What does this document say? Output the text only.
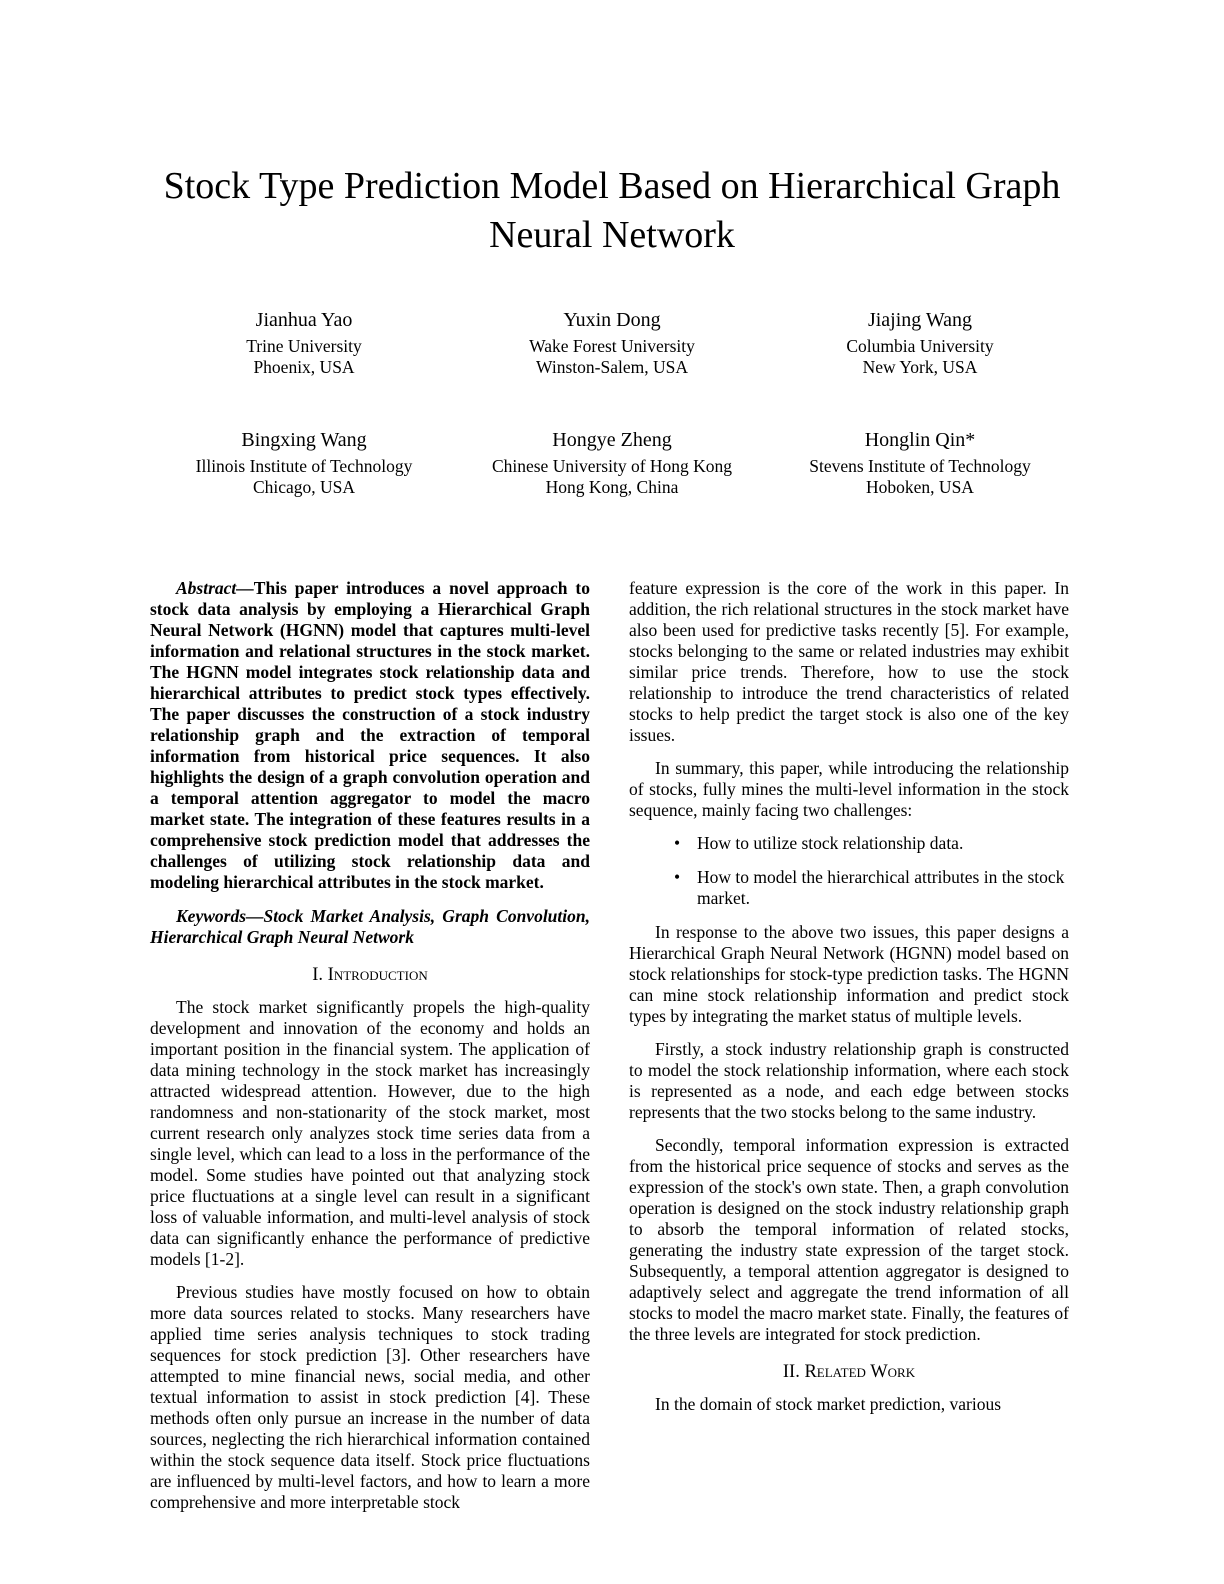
Stock Type Prediction Model Based on Hierarchical Graph Neural Network
Jianhua Yao
Trine University
Phoenix, USA
Yuxin Dong
Wake Forest University
Winston-Salem, USA
Jiajing Wang
Columbia University
New York, USA
Bingxing Wang
Illinois Institute of Technology
Chicago, USA
Hongye Zheng
Chinese University of Hong Kong
Hong Kong, China
Honglin Qin*
Stevens Institute of Technology
Hoboken, USA

Abstract—This paper introduces a novel approach to stock data analysis by employing a Hierarchical Graph Neural Network (HGNN) model that captures multi-level information and relational structures in the stock market. The HGNN model integrates stock relationship data and hierarchical attributes to predict stock types effectively. The paper discusses the construction of a stock industry relationship graph and the extraction of temporal information from historical price sequences. It also highlights the design of a graph convolution operation and a temporal attention aggregator to model the macro market state. The integration of these features results in a comprehensive stock prediction model that addresses the challenges of utilizing stock relationship data and modeling hierarchical attributes in the stock market.

Keywords—Stock Market Analysis, Graph Convolution, Hierarchical Graph Neural Network

I. Introduction

The stock market significantly propels the high-quality development and innovation of the economy and holds an important position in the financial system. The application of data mining technology in the stock market has increasingly attracted widespread attention. However, due to the high randomness and non-stationarity of the stock market, most current research only analyzes stock time series data from a single level, which can lead to a loss in the performance of the model. Some studies have pointed out that analyzing stock price fluctuations at a single level can result in a significant loss of valuable information, and multi-level analysis of stock data can significantly enhance the performance of predictive models [1-2].

Previous studies have mostly focused on how to obtain more data sources related to stocks. Many researchers have applied time series analysis techniques to stock trading sequences for stock prediction [3]. Other researchers have attempted to mine financial news, social media, and other textual information to assist in stock prediction [4]. These methods often only pursue an increase in the number of data sources, neglecting the rich hierarchical information contained within the stock sequence data itself. Stock price fluctuations are influenced by multi-level factors, and how to learn a more comprehensive and more interpretable stock

feature expression is the core of the work in this paper. In addition, the rich relational structures in the stock market have also been used for predictive tasks recently [5]. For example, stocks belonging to the same or related industries may exhibit similar price trends. Therefore, how to use the stock relationship to introduce the trend characteristics of related stocks to help predict the target stock is also one of the key issues.

In summary, this paper, while introducing the relationship of stocks, fully mines the multi-level information in the stock sequence, mainly facing two challenges:

• How to utilize stock relationship data.
• How to model the hierarchical attributes in the stock market.

In response to the above two issues, this paper designs a Hierarchical Graph Neural Network (HGNN) model based on stock relationships for stock-type prediction tasks. The HGNN can mine stock relationship information and predict stock types by integrating the market status of multiple levels.

Firstly, a stock industry relationship graph is constructed to model the stock relationship information, where each stock is represented as a node, and each edge between stocks represents that the two stocks belong to the same industry.

Secondly, temporal information expression is extracted from the historical price sequence of stocks and serves as the expression of the stock's own state. Then, a graph convolution operation is designed on the stock industry relationship graph to absorb the temporal information of related stocks, generating the industry state expression of the target stock. Subsequently, a temporal attention aggregator is designed to adaptively select and aggregate the trend information of all stocks to model the macro market state. Finally, the features of the three levels are integrated for stock prediction.

II. Related Work

In the domain of stock market prediction, various
